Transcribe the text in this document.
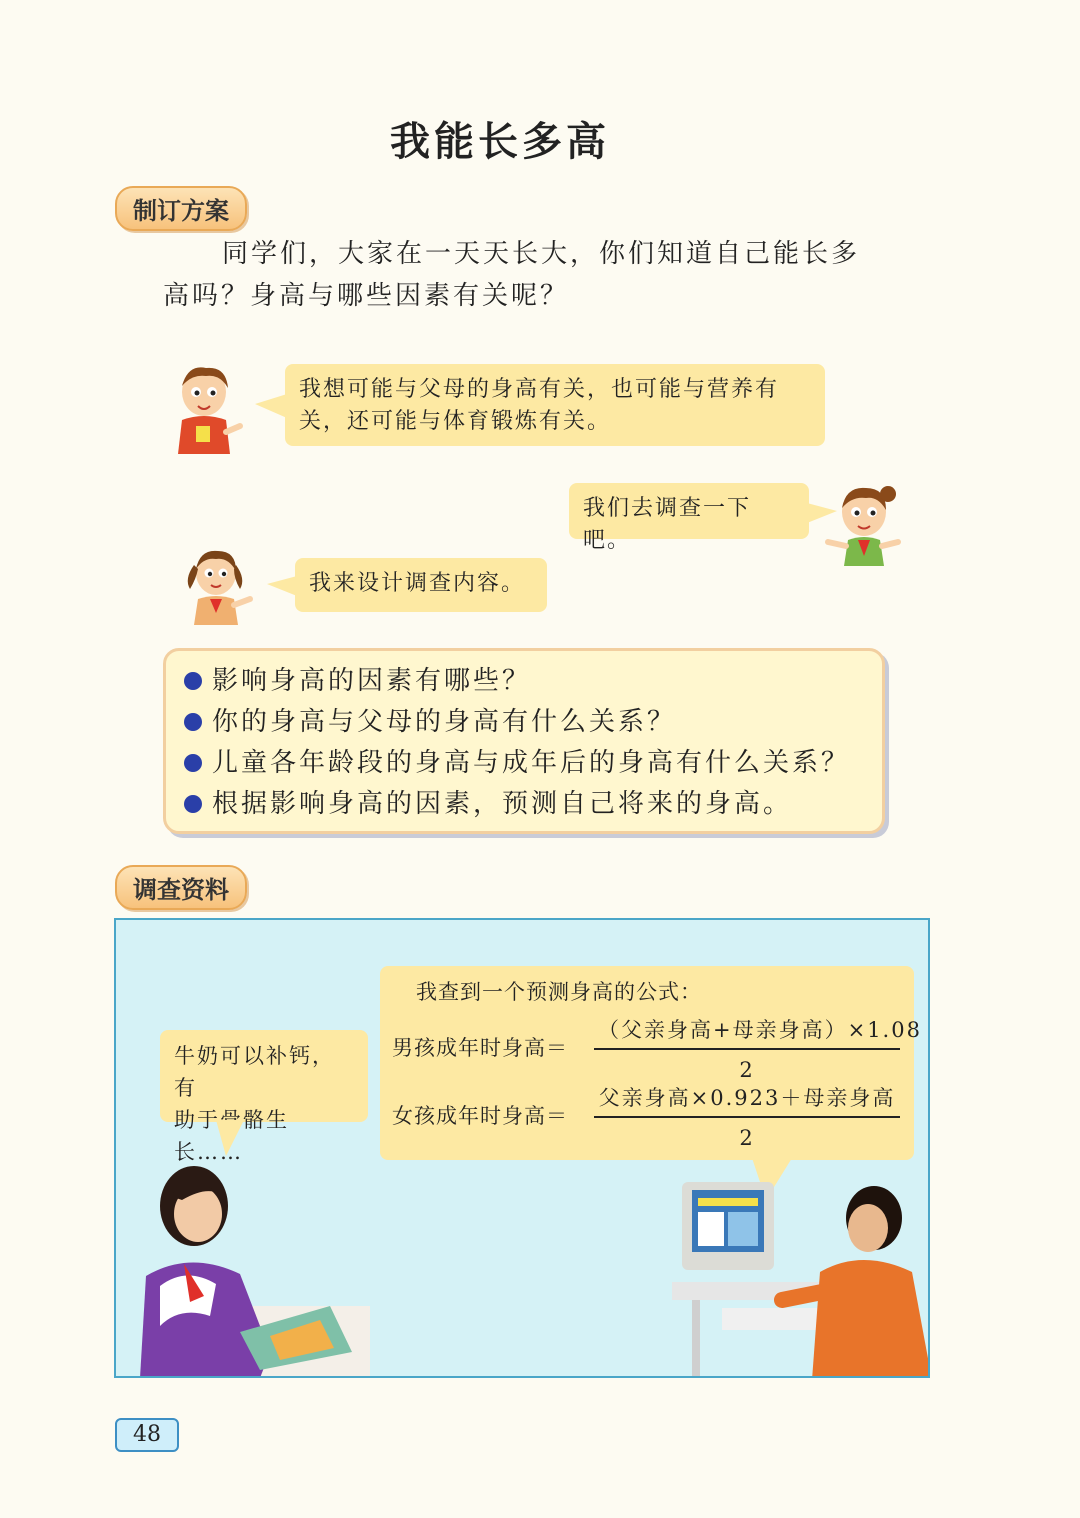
我能长多高
制订方案
同学们，大家在一天天长大，你们知道自己能长多
高吗？身高与哪些因素有关呢？
我想可能与父母的身高有关，也可能与营养有
关，还可能与体育锻炼有关。
我们去调查一下吧。
我来设计调查内容。
影响身高的因素有哪些？
你的身高与父母的身高有什么关系？
儿童各年龄段的身高与成年后的身高有什么关系？
根据影响身高的因素，预测自己将来的身高。
调查资料
牛奶可以补钙，有
助于骨骼生长……
我查到一个预测身高的公式：
男孩成年时身高＝
（父亲身高+母亲身高）×1.08
2
女孩成年时身高＝
父亲身高×0.923＋母亲身高
2
48
